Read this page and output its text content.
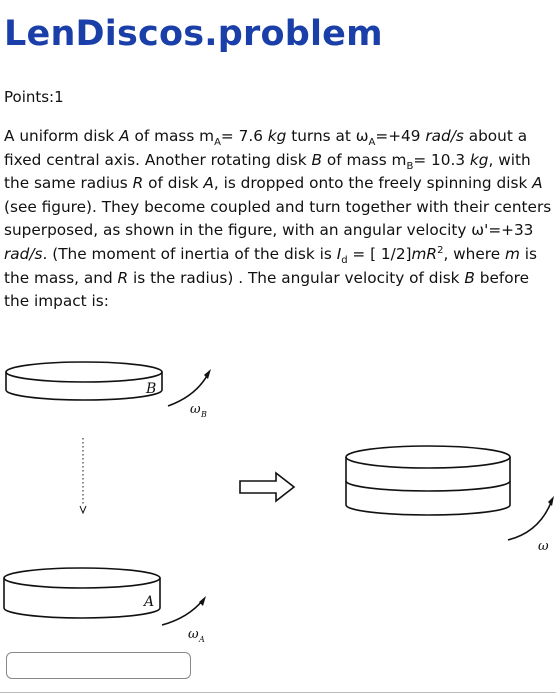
LenDiscos.problem
Points:1
A uniform disk A of mass $m_A= 7.6$ kg turns at $\omega_A=+49$ rad/s about a fixed central axis. Another rotating disk B of mass $m_B= 10.3$ kg, with the same radius R of disk A, is dropped onto the freely spinning disk A (see figure). They become coupled and turn together with their centers superposed, as shown in the figure, with an angular velocity ω'=+33 rad/s. (The moment of inertia of the disk is $I_d$ = [ $1/2]mR^2$, where m is the mass, and R is the radius) . The angular velocity of disk B before the impact is:
B
A
ω B
ω A
ω
